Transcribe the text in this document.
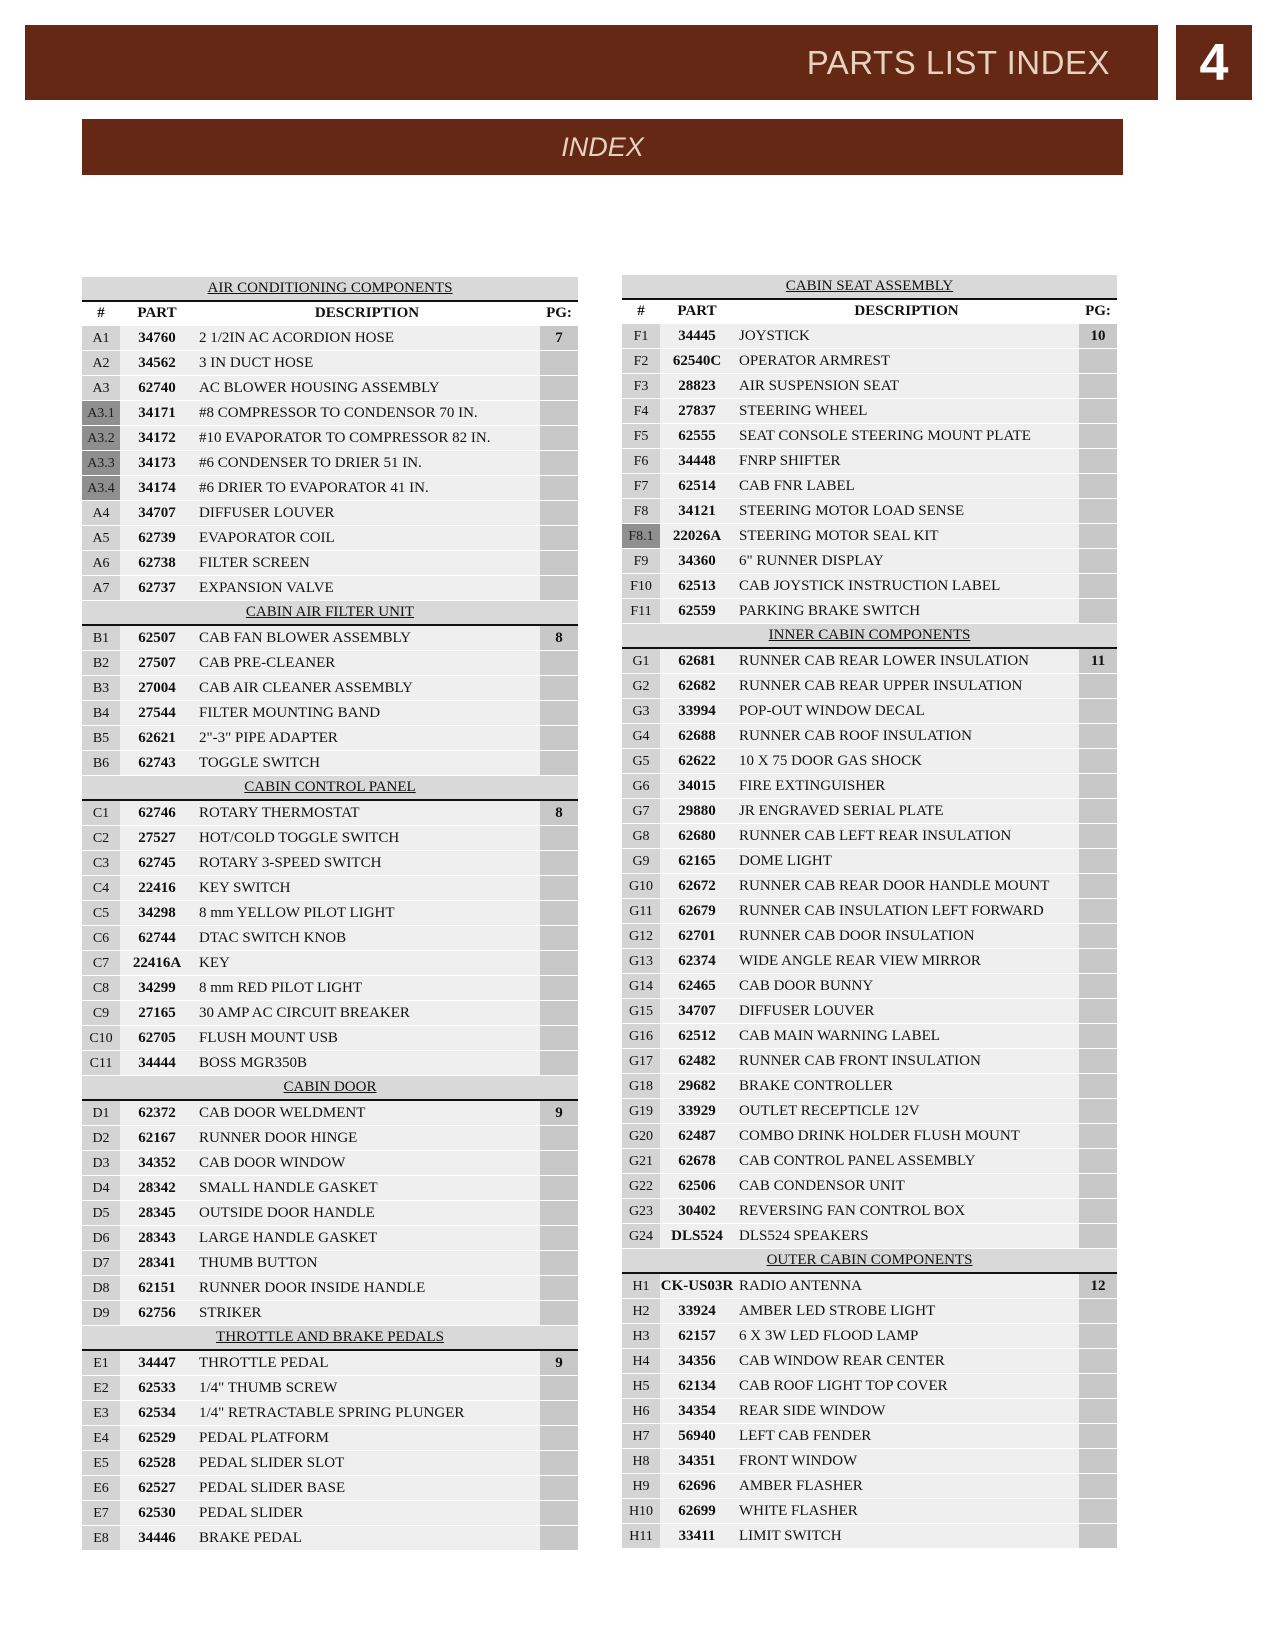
PARTS LIST INDEX 4
INDEX
AIR CONDITIONING COMPONENTS			
#	PART	DESCRIPTION	PG:
A1	34760	2 1/2IN AC ACORDION HOSE	7
A2	34562	3 IN DUCT HOSE	
A3	62740	AC BLOWER HOUSING ASSEMBLY	
A3.1	34171	#8 COMPRESSOR TO CONDENSOR 70 IN.	
A3.2	34172	#10 EVAPORATOR TO COMPRESSOR 82 IN.	
A3.3	34173	#6 CONDENSER TO DRIER 51 IN.	
A3.4	34174	#6 DRIER TO EVAPORATOR 41 IN.	
A4	34707	DIFFUSER LOUVER	
A5	62739	EVAPORATOR COIL	
A6	62738	FILTER SCREEN	
A7	62737	EXPANSION VALVE	
CABIN AIR FILTER UNIT			
B1	62507	CAB FAN BLOWER ASSEMBLY	8
B2	27507	CAB PRE-CLEANER	
B3	27004	CAB AIR CLEANER ASSEMBLY	
B4	27544	FILTER MOUNTING BAND	
B5	62621	2"-3" PIPE ADAPTER	
B6	62743	TOGGLE SWITCH	
CABIN CONTROL PANEL			
C1	62746	ROTARY THERMOSTAT	8
C2	27527	HOT/COLD TOGGLE SWITCH	
C3	62745	ROTARY 3-SPEED SWITCH	
C4	22416	KEY SWITCH	
C5	34298	8 mm YELLOW PILOT LIGHT	
C6	62744	DTAC SWITCH KNOB	
C7	22416A	KEY	
C8	34299	8 mm RED PILOT LIGHT	
C9	27165	30 AMP AC CIRCUIT BREAKER	
C10	62705	FLUSH MOUNT USB	
C11	34444	BOSS MGR350B	
CABIN DOOR			
D1	62372	CAB DOOR WELDMENT	9
D2	62167	RUNNER DOOR HINGE	
D3	34352	CAB DOOR WINDOW	
D4	28342	SMALL HANDLE GASKET	
D5	28345	OUTSIDE DOOR HANDLE	
D6	28343	LARGE HANDLE GASKET	
D7	28341	THUMB BUTTON	
D8	62151	RUNNER DOOR INSIDE HANDLE	
D9	62756	STRIKER	
THROTTLE AND BRAKE PEDALS			
E1	34447	THROTTLE PEDAL	9
E2	62533	1/4" THUMB SCREW	
E3	62534	1/4" RETRACTABLE SPRING PLUNGER	
E4	62529	PEDAL PLATFORM	
E5	62528	PEDAL SLIDER SLOT	
E6	62527	PEDAL SLIDER BASE	
E7	62530	PEDAL SLIDER	
E8	34446	BRAKE PEDAL	
CABIN SEAT ASSEMBLY			
#	PART	DESCRIPTION	PG:
F1	34445	JOYSTICK	10
F2	62540C	OPERATOR ARMREST	
F3	28823	AIR SUSPENSION SEAT	
F4	27837	STEERING WHEEL	
F5	62555	SEAT CONSOLE STEERING MOUNT PLATE	
F6	34448	FNRP SHIFTER	
F7	62514	CAB FNR LABEL	
F8	34121	STEERING MOTOR LOAD SENSE	
F8.1	22026A	STEERING MOTOR SEAL KIT	
F9	34360	6" RUNNER DISPLAY	
F10	62513	CAB JOYSTICK INSTRUCTION LABEL	
F11	62559	PARKING BRAKE SWITCH	
INNER CABIN COMPONENTS			
G1	62681	RUNNER CAB REAR LOWER INSULATION	11
G2	62682	RUNNER CAB REAR UPPER INSULATION	
G3	33994	POP-OUT WINDOW DECAL	
G4	62688	RUNNER CAB ROOF INSULATION	
G5	62622	10 X 75 DOOR GAS SHOCK	
G6	34015	FIRE EXTINGUISHER	
G7	29880	JR ENGRAVED SERIAL PLATE	
G8	62680	RUNNER CAB LEFT REAR INSULATION	
G9	62165	DOME LIGHT	
G10	62672	RUNNER CAB REAR DOOR HANDLE MOUNT	
G11	62679	RUNNER CAB INSULATION LEFT FORWARD	
G12	62701	RUNNER CAB DOOR INSULATION	
G13	62374	WIDE ANGLE REAR VIEW MIRROR	
G14	62465	CAB DOOR BUNNY	
G15	34707	DIFFUSER LOUVER	
G16	62512	CAB MAIN WARNING LABEL	
G17	62482	RUNNER CAB FRONT INSULATION	
G18	29682	BRAKE CONTROLLER	
G19	33929	OUTLET RECEPTICLE 12V	
G20	62487	COMBO DRINK HOLDER FLUSH MOUNT	
G21	62678	CAB CONTROL PANEL ASSEMBLY	
G22	62506	CAB CONDENSOR UNIT	
G23	30402	REVERSING FAN CONTROL BOX	
G24	DLS524	DLS524 SPEAKERS	
OUTER CABIN COMPONENTS			
H1	CK-US03R	RADIO ANTENNA	12
H2	33924	AMBER LED STROBE LIGHT	
H3	62157	6 X 3W LED FLOOD LAMP	
H4	34356	CAB WINDOW REAR CENTER	
H5	62134	CAB ROOF LIGHT TOP COVER	
H6	34354	REAR SIDE WINDOW	
H7	56940	LEFT CAB FENDER	
H8	34351	FRONT WINDOW	
H9	62696	AMBER FLASHER	
H10	62699	WHITE FLASHER	
H11	33411	LIMIT SWITCH	
